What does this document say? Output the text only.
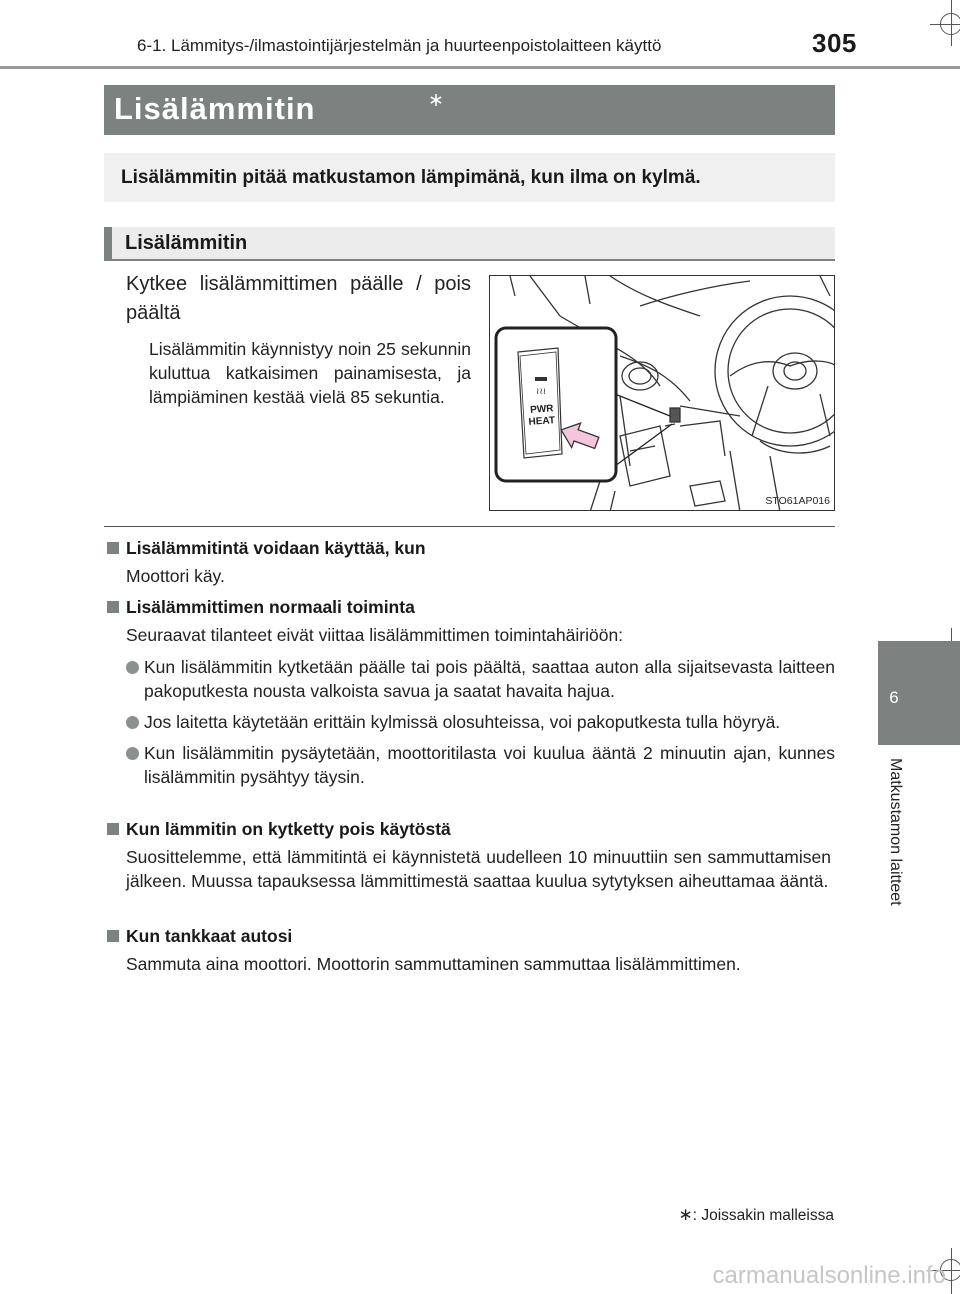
6-1. Lämmitys-/ilmastointijärjestelmän ja huurteenpoistolaitteen käyttö	305
6
Matkustamon laitteet
Lisälämmitin	∗
Lisälämmitin pitää matkustamon lämpimänä, kun ilma on kylmä.
Lisälämmitin
Kytkee lisälämmittimen päälle / pois päältä
Lisälämmitin käynnistyy noin 25 sekunnin kuluttua katkaisimen painamisesta, ja lämpiäminen kestää vielä 85 sekuntia.	≀≀≀
PWR
HEAT
STO61AP016
Lisälämmitintä voidaan käyttää, kun
Moottori käy.
Lisälämmittimen normaali toiminta
Seuraavat tilanteet eivät viittaa lisälämmittimen toimintahäiriöön:
Kun lisälämmitin kytketään päälle tai pois päältä, saattaa auton alla sijaitsevasta laitteen pakoputkesta nousta valkoista savua ja saatat havaita hajua.
Jos laitetta käytetään erittäin kylmissä olosuhteissa, voi pakoputkesta tulla höyryä.
Kun lisälämmitin pysäytetään, moottoritilasta voi kuulua ääntä 2 minuutin ajan, kunnes lisälämmitin pysähtyy täysin.
Kun lämmitin on kytketty pois käytöstä
Suosittelemme, että lämmitintä ei käynnistetä uudelleen 10 minuuttiin sen sammuttamisen jälkeen. Muussa tapauksessa lämmittimestä saattaa kuulua sytytyksen aiheuttamaa ääntä.
Kun tankkaat autosi
Sammuta aina moottori. Moottorin sammuttaminen sammuttaa lisälämmittimen.
∗: Joissakin malleissa
carmanualsonline.info
